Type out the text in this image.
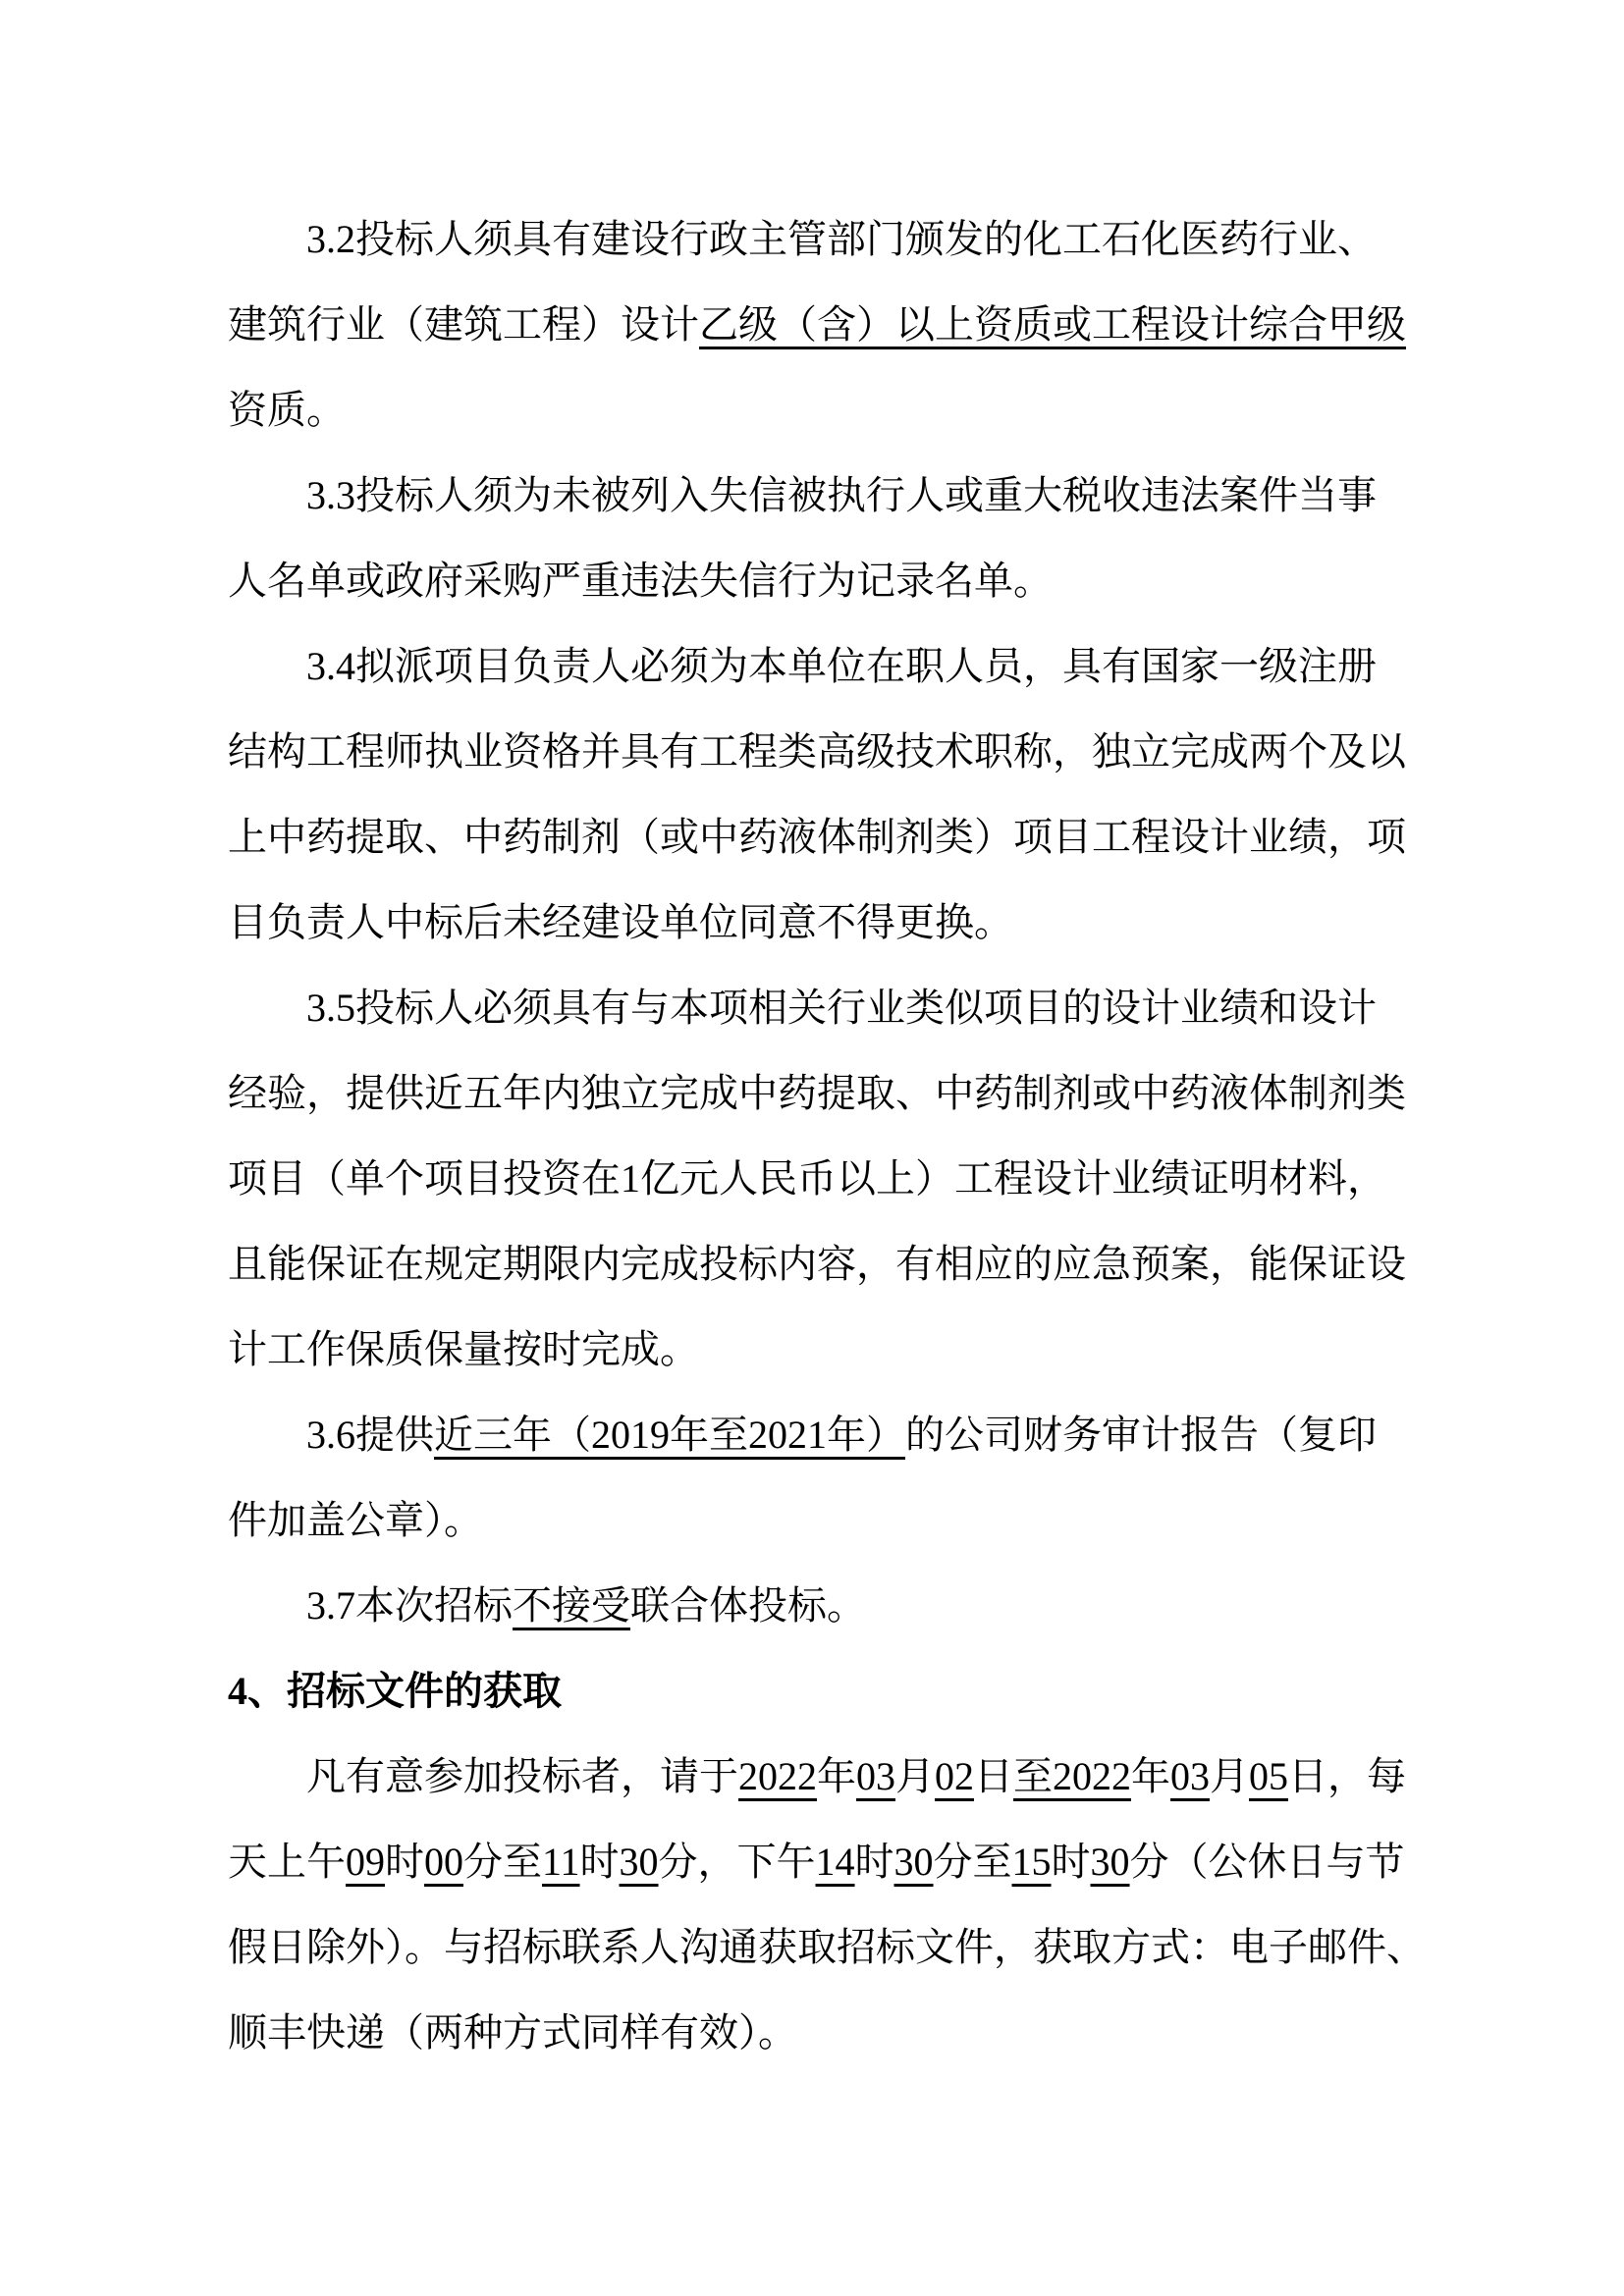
3.2投标人须具有建设行政主管部门颁发的化工石化医药行业、
建筑行业（建筑工程）设计乙级（含）以上资质或工程设计综合甲级
资质。
3.3投标人须为未被列入失信被执行人或重大税收违法案件当事
人名单或政府采购严重违法失信行为记录名单。
3.4拟派项目负责人必须为本单位在职人员，具有国家一级注册
结构工程师执业资格并具有工程类高级技术职称，独立完成两个及以
上中药提取、中药制剂（或中药液体制剂类）项目工程设计业绩，项
目负责人中标后未经建设单位同意不得更换。
3.5投标人必须具有与本项相关行业类似项目的设计业绩和设计
经验，提供近五年内独立完成中药提取、中药制剂或中药液体制剂类
项目（单个项目投资在1亿元人民币以上）工程设计业绩证明材料，
且能保证在规定期限内完成投标内容，有相应的应急预案，能保证设
计工作保质保量按时完成。
3.6提供近三年（2019年至2021年）的公司财务审计报告（复印
件加盖公章）。
3.7本次招标不接受联合体投标。
4、招标文件的获取
凡有意参加投标者，请于2022年03月02日至2022年03月05日，每
天上午09时00分至11时30分，下午14时30分至15时30分（公休日与节
假日除外）。与招标联系人沟通获取招标文件，获取方式：电子邮件、
顺丰快递（两种方式同样有效）。
